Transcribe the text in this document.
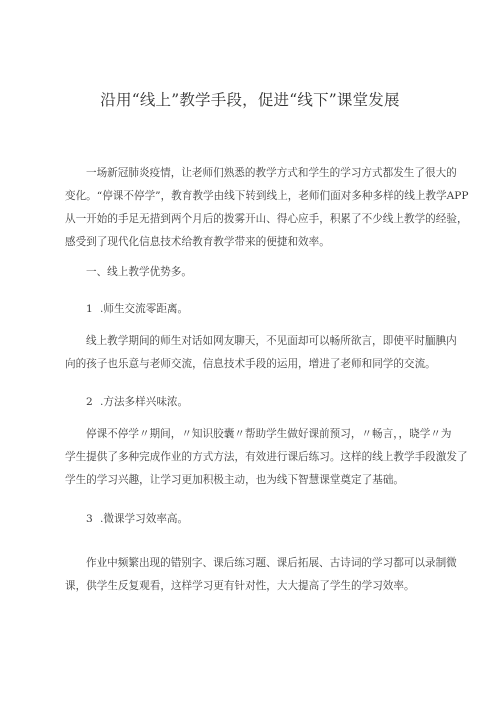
沿用“线上”教学手段，促进“线下”课堂发展
一场新冠肺炎疫情，让老师们熟悉的教学方式和学生的学习方式都发生了很大的
变化。“停课不停学”，教育教学由线下转到线上，老师们面对多种多样的线上教学APP
从一开始的手足无措到两个月后的拨雾开山、得心应手，积累了不少线上教学的经验，
感受到了现代化信息技术给教育教学带来的便捷和效率。
一、线上教学优势多。
1 .师生交流零距离。
线上教学期间的师生对话如网友聊天，不见面却可以畅所欲言，即使平时腼腆内
向的孩子也乐意与老师交流，信息技术手段的运用，增进了老师和同学的交流。
2 .方法多样兴味浓。
停课不停学〃期间，〃知识胶囊〃帮助学生做好课前预习，〃畅言，，晓学〃为
学生提供了多种完成作业的方式方法，有效进行课后练习。这样的线上教学手段激发了
学生的学习兴趣，让学习更加积极主动，也为线下智慧课堂奠定了基础。
3 .微课学习效率高。
作业中频繁出现的错别字、课后练习题、课后拓展、古诗词的学习都可以录制微
课，供学生反复观看，这样学习更有针对性，大大提高了学生的学习效率。
